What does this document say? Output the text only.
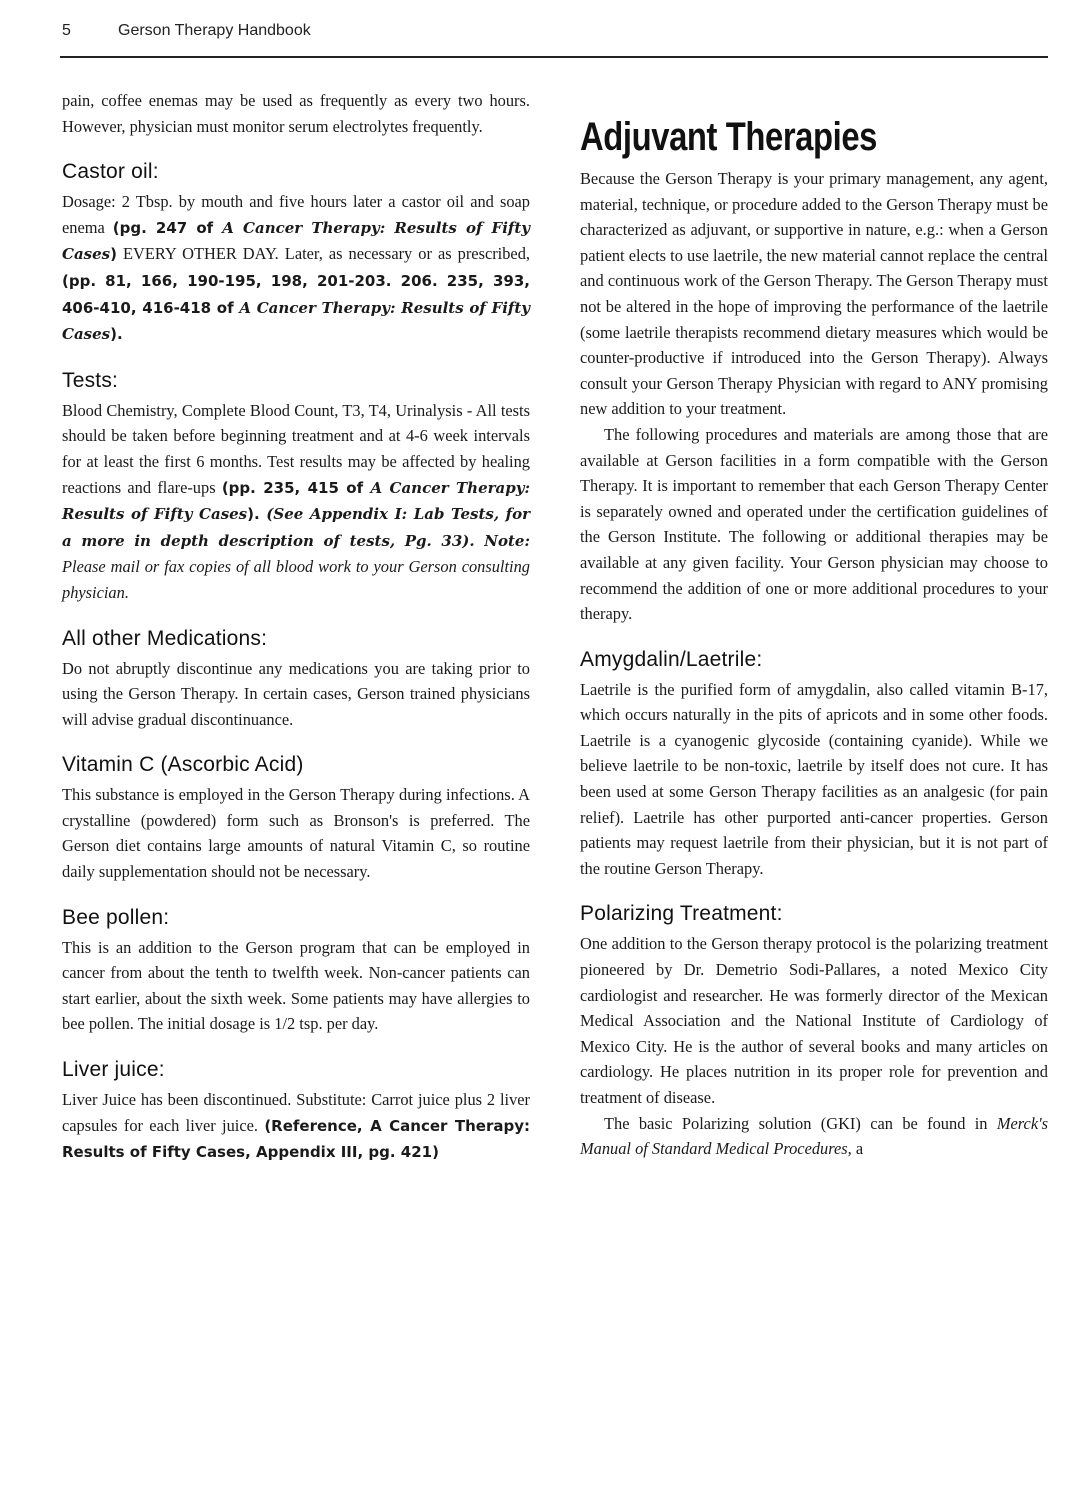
5	Gerson Therapy Handbook

pain, coffee enemas may be used as frequently as every two hours. However, physician must monitor serum electrolytes frequently.

Castor oil:

Dosage: 2 Tbsp. by mouth and five hours later a castor oil and soap enema (pg. 247 of A Cancer Therapy: Results of Fifty Cases) EVERY OTHER DAY. Later, as necessary or as prescribed, (pp. 81, 166, 190-195, 198, 201-203. 206. 235, 393, 406-410, 416-418 of A Cancer Therapy: Results of Fifty Cases).

Tests:

Blood Chemistry, Complete Blood Count, T3, T4, Urinalysis - All tests should be taken before beginning treatment and at 4-6 week intervals for at least the first 6 months. Test results may be affected by healing reactions and flare-ups (pp. 235, 415 of A Cancer Therapy: Results of Fifty Cases). (See Appendix I: Lab Tests, for a more in depth description of tests, Pg. 33). Note: Please mail or fax copies of all blood work to your Gerson consulting physician.

All other Medications:

Do not abruptly discontinue any medications you are taking prior to using the Gerson Therapy. In certain cases, Gerson trained physicians will advise gradual discontinuance.

Vitamin C (Ascorbic Acid)

This substance is employed in the Gerson Therapy during infections. A crystalline (powdered) form such as Bronson's is preferred. The Gerson diet contains large amounts of natural Vitamin C, so routine daily supplementation should not be necessary.

Bee pollen:

This is an addition to the Gerson program that can be employed in cancer from about the tenth to twelfth week. Non-cancer patients can start earlier, about the sixth week. Some patients may have allergies to bee pollen. The initial dosage is 1/2 tsp. per day.

Liver juice:

Liver Juice has been discontinued. Substitute: Carrot juice plus 2 liver capsules for each liver juice. (Reference, A Cancer Therapy: Results of Fifty Cases, Appendix III, pg. 421)

Adjuvant Therapies

Because the Gerson Therapy is your primary management, any agent, material, technique, or procedure added to the Gerson Therapy must be characterized as adjuvant, or supportive in nature, e.g.: when a Gerson patient elects to use laetrile, the new material cannot replace the central and continuous work of the Gerson Therapy. The Gerson Therapy must not be altered in the hope of improving the performance of the laetrile (some laetrile therapists recommend dietary measures which would be counter-productive if introduced into the Gerson Therapy). Always consult your Gerson Therapy Physician with regard to ANY promising new addition to your treatment.

The following procedures and materials are among those that are available at Gerson facilities in a form compatible with the Gerson Therapy. It is important to remember that each Gerson Therapy Center is separately owned and operated under the certification guidelines of the Gerson Institute. The following or additional therapies may be available at any given facility. Your Gerson physician may choose to recommend the addition of one or more additional procedures to your therapy.

Amygdalin/Laetrile:

Laetrile is the purified form of amygdalin, also called vitamin B-17, which occurs naturally in the pits of apricots and in some other foods. Laetrile is a cyanogenic glycoside (containing cyanide). While we believe laetrile to be non-toxic, laetrile by itself does not cure. It has been used at some Gerson Therapy facilities as an analgesic (for pain relief). Laetrile has other purported anti-cancer properties. Gerson patients may request laetrile from their physician, but it is not part of the routine Gerson Therapy.

Polarizing Treatment:

One addition to the Gerson therapy protocol is the polarizing treatment pioneered by Dr. Demetrio Sodi-Pallares, a noted Mexico City cardiologist and researcher. He was formerly director of the Mexican Medical Association and the National Institute of Cardiology of Mexico City. He is the author of several books and many articles on cardiology. He places nutrition in its proper role for prevention and treatment of disease.

The basic Polarizing solution (GKI) can be found in Merck's Manual of Standard Medical Procedures, a
